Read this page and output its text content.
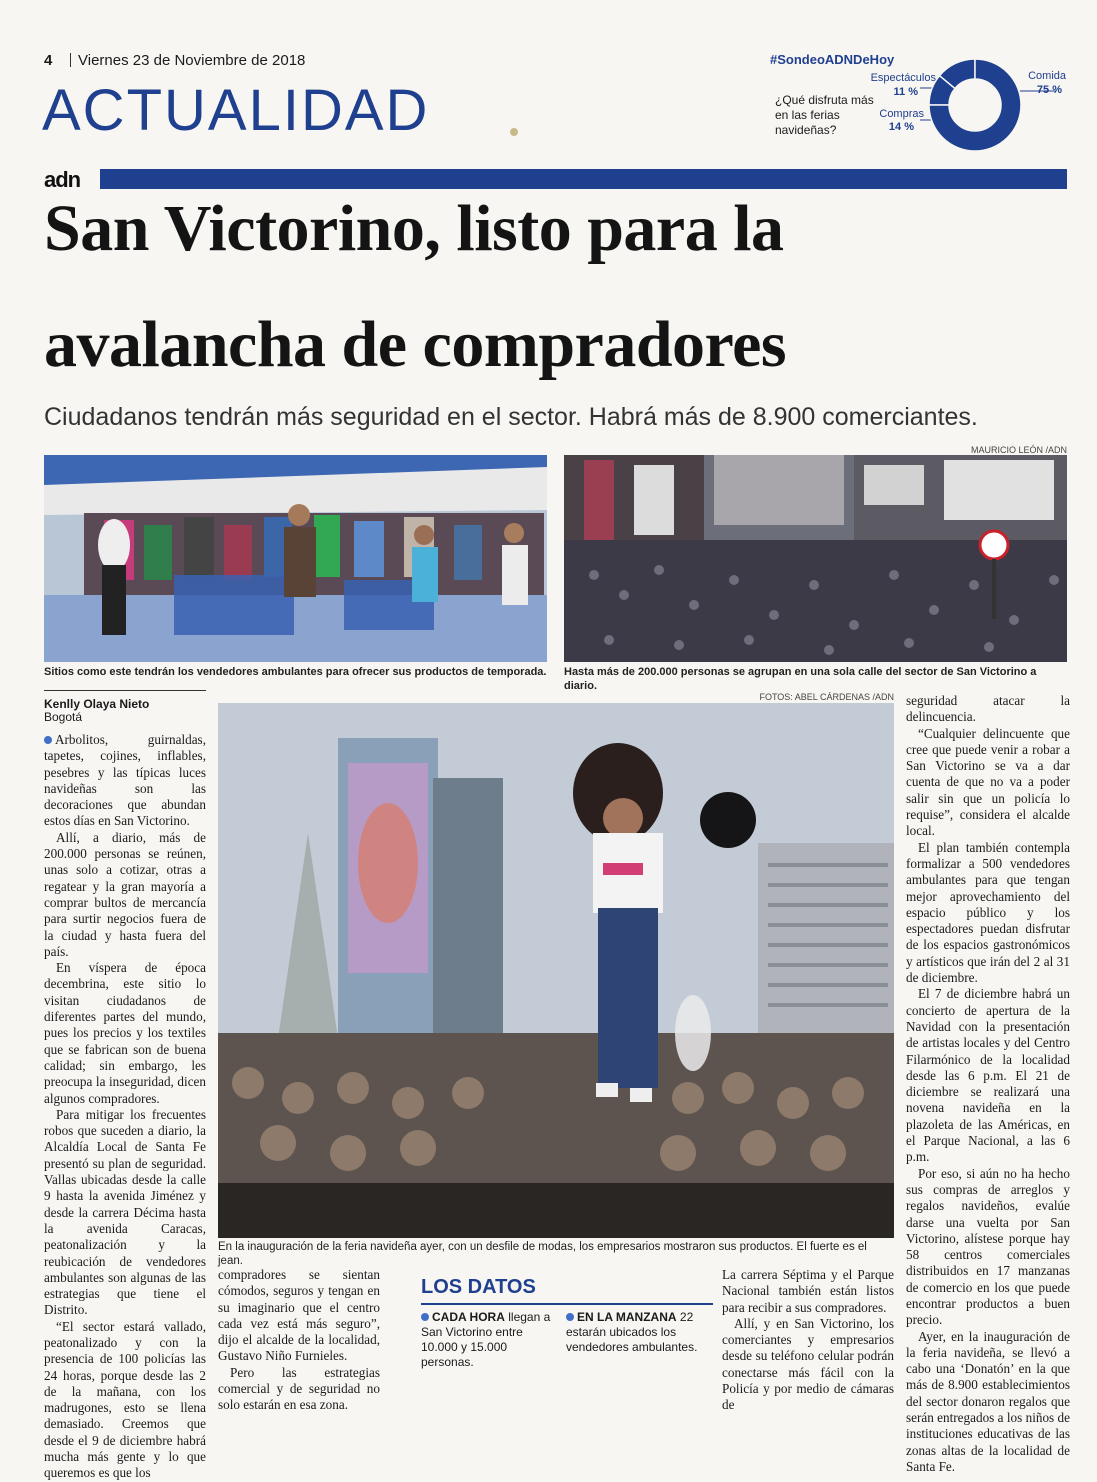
4 Viernes 23 de Noviembre de 2018
ACTUALIDAD
#SondeoADNDeHoy
¿Qué disfruta más en las ferias navideñas?
Espectáculos
11 %
Compras
14 %
Comida
75 %
adn
San Victorino, listo para la
avalancha de compradores
Ciudadanos tendrán más seguridad en el sector. Habrá más de 8.900 comerciantes.
MAURICIO LEÓN /ADN
Sitios como este tendrán los vendedores ambulantes para ofrecer sus productos de temporada. Hasta más de 200.000 personas se agrupan en una sola calle del sector de San Victorino a diario.
Kenlly Olaya Nieto
Bogotá
FOTOS: ABEL CÁRDENAS /ADN
En la inauguración de la feria navideña ayer, con un desfile de modas, los empresarios mostraron sus productos. El fuerte es el jean.

Arbolitos, guirnaldas, tapetes, cojines, inflables, pesebres y las típicas luces navideñas son las decoraciones que abundan estos días en San Victorino.

Allí, a diario, más de 200.000 personas se reúnen, unas solo a cotizar, otras a regatear y la gran mayoría a comprar bultos de mercancía para surtir negocios fuera de la ciudad y hasta fuera del país.

En víspera de época decembrina, este sitio lo visitan ciudadanos de diferentes partes del mundo, pues los precios y los textiles que se fabrican son de buena calidad; sin embargo, les preocupa la inseguridad, dicen algunos compradores.

Para mitigar los frecuentes robos que suceden a diario, la Alcaldía Local de Santa Fe presentó su plan de seguridad. Vallas ubicadas desde la calle 9 hasta la avenida Jiménez y desde la carrera Décima hasta la avenida Caracas, peatonalización y la reubicación de vendedores ambulantes son algunas de las estrategias que tiene el Distrito.

“El sector estará vallado, peatonalizado y con la presencia de 100 policías las 24 horas, porque desde las 2 de la mañana, con los madrugones, esto se llena demasiado. Creemos que desde el 9 de diciembre habrá mucha más gente y lo que queremos es que los

compradores se sientan cómodos, seguros y tengan en su imaginario que el centro cada vez está más seguro”, dijo el alcalde de la localidad, Gustavo Niño Furnieles.

Pero las estrategias comercial y de seguridad no solo estarán en esa zona.

LOS DATOS
CADA HORA llegan a San Victorino entre 10.000 y 15.000 personas.
EN LA MANZANA 22 estarán ubicados los vendedores ambulantes.

La carrera Séptima y el Parque Nacional también están listos para recibir a sus compradores.

Allí, y en San Victorino, los comerciantes y empresarios desde su teléfono celular podrán conectarse más fácil con la Policía y por medio de cámaras de

seguridad atacar la delincuencia.

“Cualquier delincuente que cree que puede venir a robar a San Victorino se va a dar cuenta de que no va a poder salir sin que un policía lo requise”, considera el alcalde local.

El plan también contempla formalizar a 500 vendedores ambulantes para que tengan mejor aprovechamiento del espacio público y los espectadores puedan disfrutar de los espacios gastronómicos y artísticos que irán del 2 al 31 de diciembre.

El 7 de diciembre habrá un concierto de apertura de la Navidad con la presentación de artistas locales y del Centro Filarmónico de la localidad desde las 6 p.m. El 21 de diciembre se realizará una novena navideña en la plazoleta de las Américas, en el Parque Nacional, a las 6 p.m.

Por eso, si aún no ha hecho sus compras de arreglos y regalos navideños, evalúe darse una vuelta por San Victorino, alístese porque hay 58 centros comerciales distribuidos en 17 manzanas de comercio en los que puede encontrar productos a buen precio.

Ayer, en la inauguración de la feria navideña, se llevó a cabo una ‘Donatón’ en la que más de 8.900 establecimientos del sector donaron regalos que serán entregados a los niños de instituciones educativas de las zonas altas de la localidad de Santa Fe.
